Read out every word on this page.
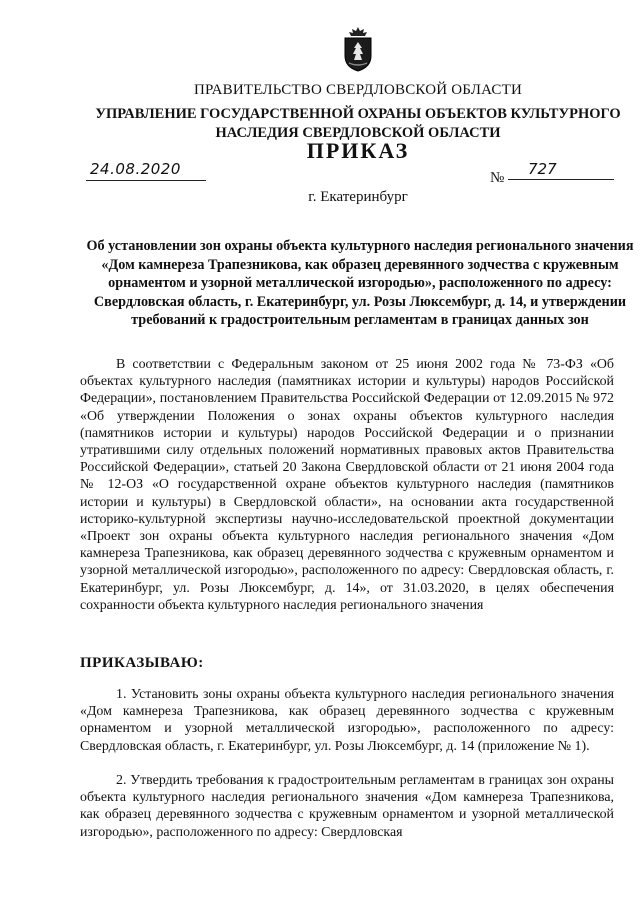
ПРАВИТЕЛЬСТВО СВЕРДЛОВСКОЙ ОБЛАСТИ
УПРАВЛЕНИЕ ГОСУДАРСТВЕННОЙ ОХРАНЫ ОБЪЕКТОВ КУЛЬТУРНОГО НАСЛЕДИЯ СВЕРДЛОВСКОЙ ОБЛАСТИ
ПРИКАЗ
24.08.2020	№	727
г. Екатеринбург
Об установлении зон охраны объекта культурного наследия регионального значения «Дом камнереза Трапезникова, как образец деревянного зодчества с кружевным орнаментом и узорной металлической изгородью», расположенного по адресу: Свердловская область, г. Екатеринбург, ул. Розы Люксембург, д. 14, и утверждении требований к градостроительным регламентам в границах данных зон
В соответствии с Федеральным законом от 25 июня 2002 года № 73-ФЗ «Об объектах культурного наследия (памятниках истории и культуры) народов Российской Федерации», постановлением Правительства Российской Федерации от 12.09.2015 № 972 «Об утверждении Положения о зонах охраны объектов культурного наследия (памятников истории и культуры) народов Российской Федерации и о признании утратившими силу отдельных положений нормативных правовых актов Правительства Российской Федерации», статьей 20 Закона Свердловской области от 21 июня 2004 года № 12-ОЗ «О государственной охране объектов культурного наследия (памятников истории и культуры) в Свердловской области», на основании акта государственной историко-культурной экспертизы научно-исследовательской проектной документации «Проект зон охраны объекта культурного наследия регионального значения «Дом камнереза Трапезникова, как образец деревянного зодчества с кружевным орнаментом и узорной металлической изгородью», расположенного по адресу: Свердловская область, г. Екатеринбург, ул. Розы Люксембург, д. 14», от 31.03.2020, в целях обеспечения сохранности объекта культурного наследия регионального значения
ПРИКАЗЫВАЮ:
1. Установить зоны охраны объекта культурного наследия регионального значения «Дом камнереза Трапезникова, как образец деревянного зодчества с кружевным орнаментом и узорной металлической изгородью», расположенного по адресу: Свердловская область, г. Екатеринбург, ул. Розы Люксембург, д. 14 (приложение № 1).
2. Утвердить требования к градостроительным регламентам в границах зон охраны объекта культурного наследия регионального значения «Дом камнереза Трапезникова, как образец деревянного зодчества с кружевным орнаментом и узорной металлической изгородью», расположенного по адресу: Свердловская
